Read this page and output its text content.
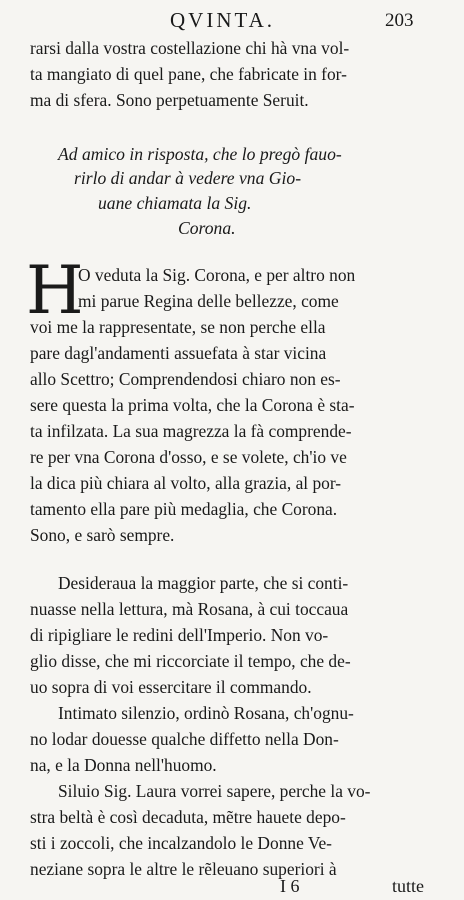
QVINTA.	203
rarsi dalla vostra costellazione chi hà vna vol-
ta mangiato di quel pane, che fabricate in for-
ma di sfera. Sono perpetuamente Seruit.
Ad amico in risposta, che lo pregò fauo-
rirlo di andar à vedere vna Gio-
uane chiamata la Sig.
Corona.
H
O veduta la Sig. Corona, e per altro non
mi parue Regina delle bellezze, come
voi me la rappresentate, se non perche ella
pare dagl'andamenti assuefata à star vicina
allo Scettro; Comprendendosi chiaro non es-
sere questa la prima volta, che la Corona è sta-
ta infilzata. La sua magrezza la fà comprende-
re per vna Corona d'osso, e se volete, ch'io ve
la dica più chiara al volto, alla grazia, al por-
tamento ella pare più medaglia, che Corona.
Sono, e sarò sempre.
Desideraua la maggior parte, che si conti-
nuasse nella lettura, mà Rosana, à cui toccaua
di ripigliare le redini dell'Imperio. Non vo-
glio disse, che mi riccorciate il tempo, che de-
uo sopra di voi essercitare il commando.
Intimato silenzio, ordinò Rosana, ch'ognu-
no lodar douesse qualche diffetto nella Don-
na, e la Donna nell'huomo.
Siluio Sig. Laura vorrei sapere, perche la vo-
stra beltà è così decaduta, mẽtre hauete depo-
sti i zoccoli, che incalzandolo le Donne Ve-
neziane sopra le altre le rẽleuano superiori à
I 6	tutte
